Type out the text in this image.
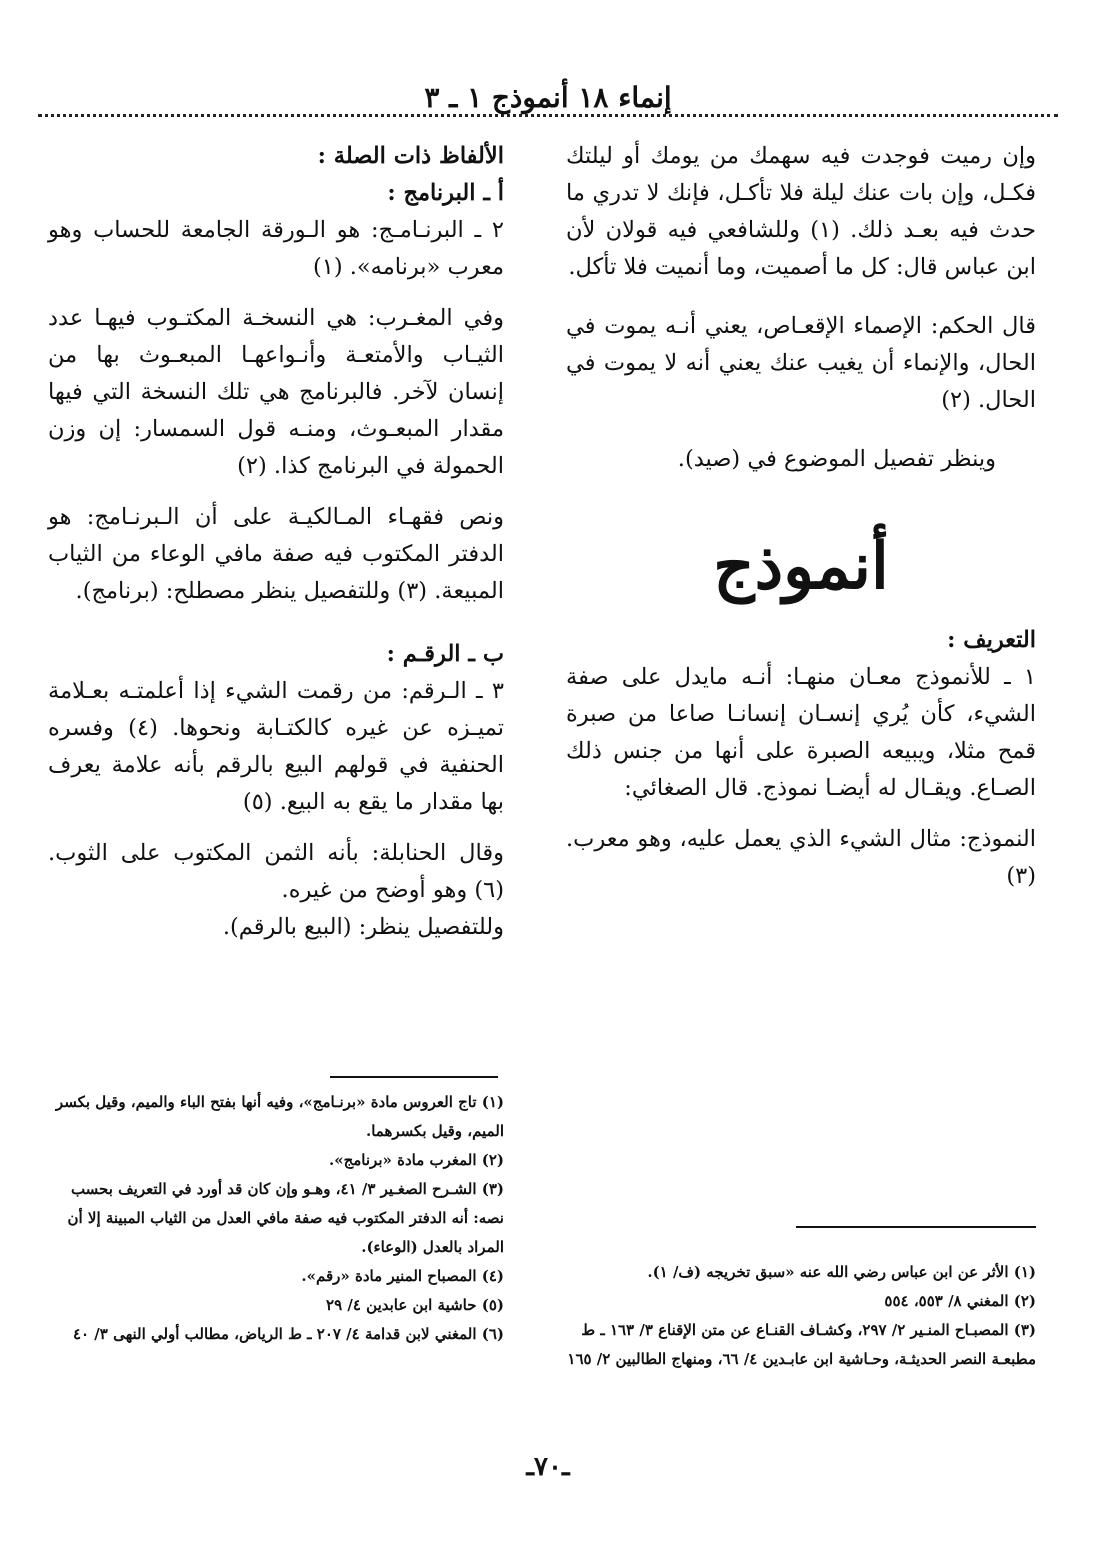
إنماء ١٨ أنموذج ١ ـ ٣

وإن رميت فوجدت فيه سهمك من يومك أو ليلتك فكـل، وإن بات عنك ليلة فلا تأكـل، فإنك لا تدري ما حدث فيه بعـد ذلك. (١) وللشافعي فيه قولان لأن ابن عباس قال: كل ما أصميت، وما أنميت فلا تأكل.

قال الحكم: الإصماء الإقعـاص، يعني أنـه يموت في الحال، والإنماء أن يغيب عنك يعني أنه لا يموت في الحال. (٢)

وينظر تفصيل الموضوع في (صيد).

أنموذج

التعريف :

١ ـ للأنموذج معـان منهـا: أنـه مايدل على صفة الشيء، كأن يُري إنسـان إنسانـا صاعا من صبرة قمح مثلا، ويبيعه الصبرة على أنها من جنس ذلك الصـاع. ويقـال له أيضـا نموذج. قال الصغائي:

النموذج: مثال الشيء الذي يعمل عليه، وهو معرب. (٣)

الألفاظ ذات الصلة :

أ ـ البرنامج :

٢ ـ البرنـامـج: هو الـورقة الجامعة للحساب وهو معرب «برنامه». (١)

وفي المغـرب: هي النسخـة المكتـوب فيهـا عدد الثيـاب والأمتعـة وأنـواعهـا المبعـوث بها من إنسان لآخر. فالبرنامج هي تلك النسخة التي فيها مقدار المبعـوث، ومنـه قول السمسار: إن وزن الحمولة في البرنامج كذا. (٢)

ونص فقهـاء المـالكيـة على أن الـبرنـامج: هو الدفتر المكتوب فيه صفة مافي الوعاء من الثياب المبيعة. (٣) وللتفصيل ينظر مصطلح: (برنامج).

ب ـ الرقـم :

٣ ـ الـرقم: من رقمت الشيء إذا أعلمتـه بعـلامة تميـزه عن غيره كالكتـابة ونحوها. (٤) وفسره الحنفية في قولهم البيع بالرقم بأنه علامة يعرف بها مقدار ما يقع به البيع. (٥)

وقال الحنابلة: بأنه الثمن المكتوب على الثوب. (٦) وهو أوضح من غيره.

وللتفصيل ينظر: (البيع بالرقم).

(١) تاج العروس مادة «برنـامج»، وفيه أنها بفتح الباء والميم، وقيل بكسر الميم، وقيل بكسرهما.

(٢) المغرب مادة «برنامج».

(٣) الشـرح الصغـير ٣/ ٤١، وهـو وإن كان قد أورد في التعريف بحسب نصه: أنه الدفتر المكتوب فيه صفة مافي العدل من الثياب المبينة إلا أن المراد بالعدل (الوعاء).

(٤) المصباح المنير مادة «رقم».

(٥) حاشية ابن عابدين ٤/ ٢٩

(٦) المغني لابن قدامة ٤/ ٢٠٧ ـ ط الرياض، مطالب أولي النهى ٣/ ٤٠

(١) الأثر عن ابن عباس رضي الله عنه «سبق تخريجه (ف/ ١).

(٢) المغني ٨/ ٥٥٣، ٥٥٤

(٣) المصبـاح المنـير ٢/ ٢٩٧، وكشـاف القنـاع عن متن الإقناع ٣/ ١٦٣ ـ ط مطبعـة النصر الحديثـة، وحـاشية ابن عابـدين ٤/ ٦٦، ومنهاج الطالبين ٢/ ١٦٥

ـ٧٠ـ
